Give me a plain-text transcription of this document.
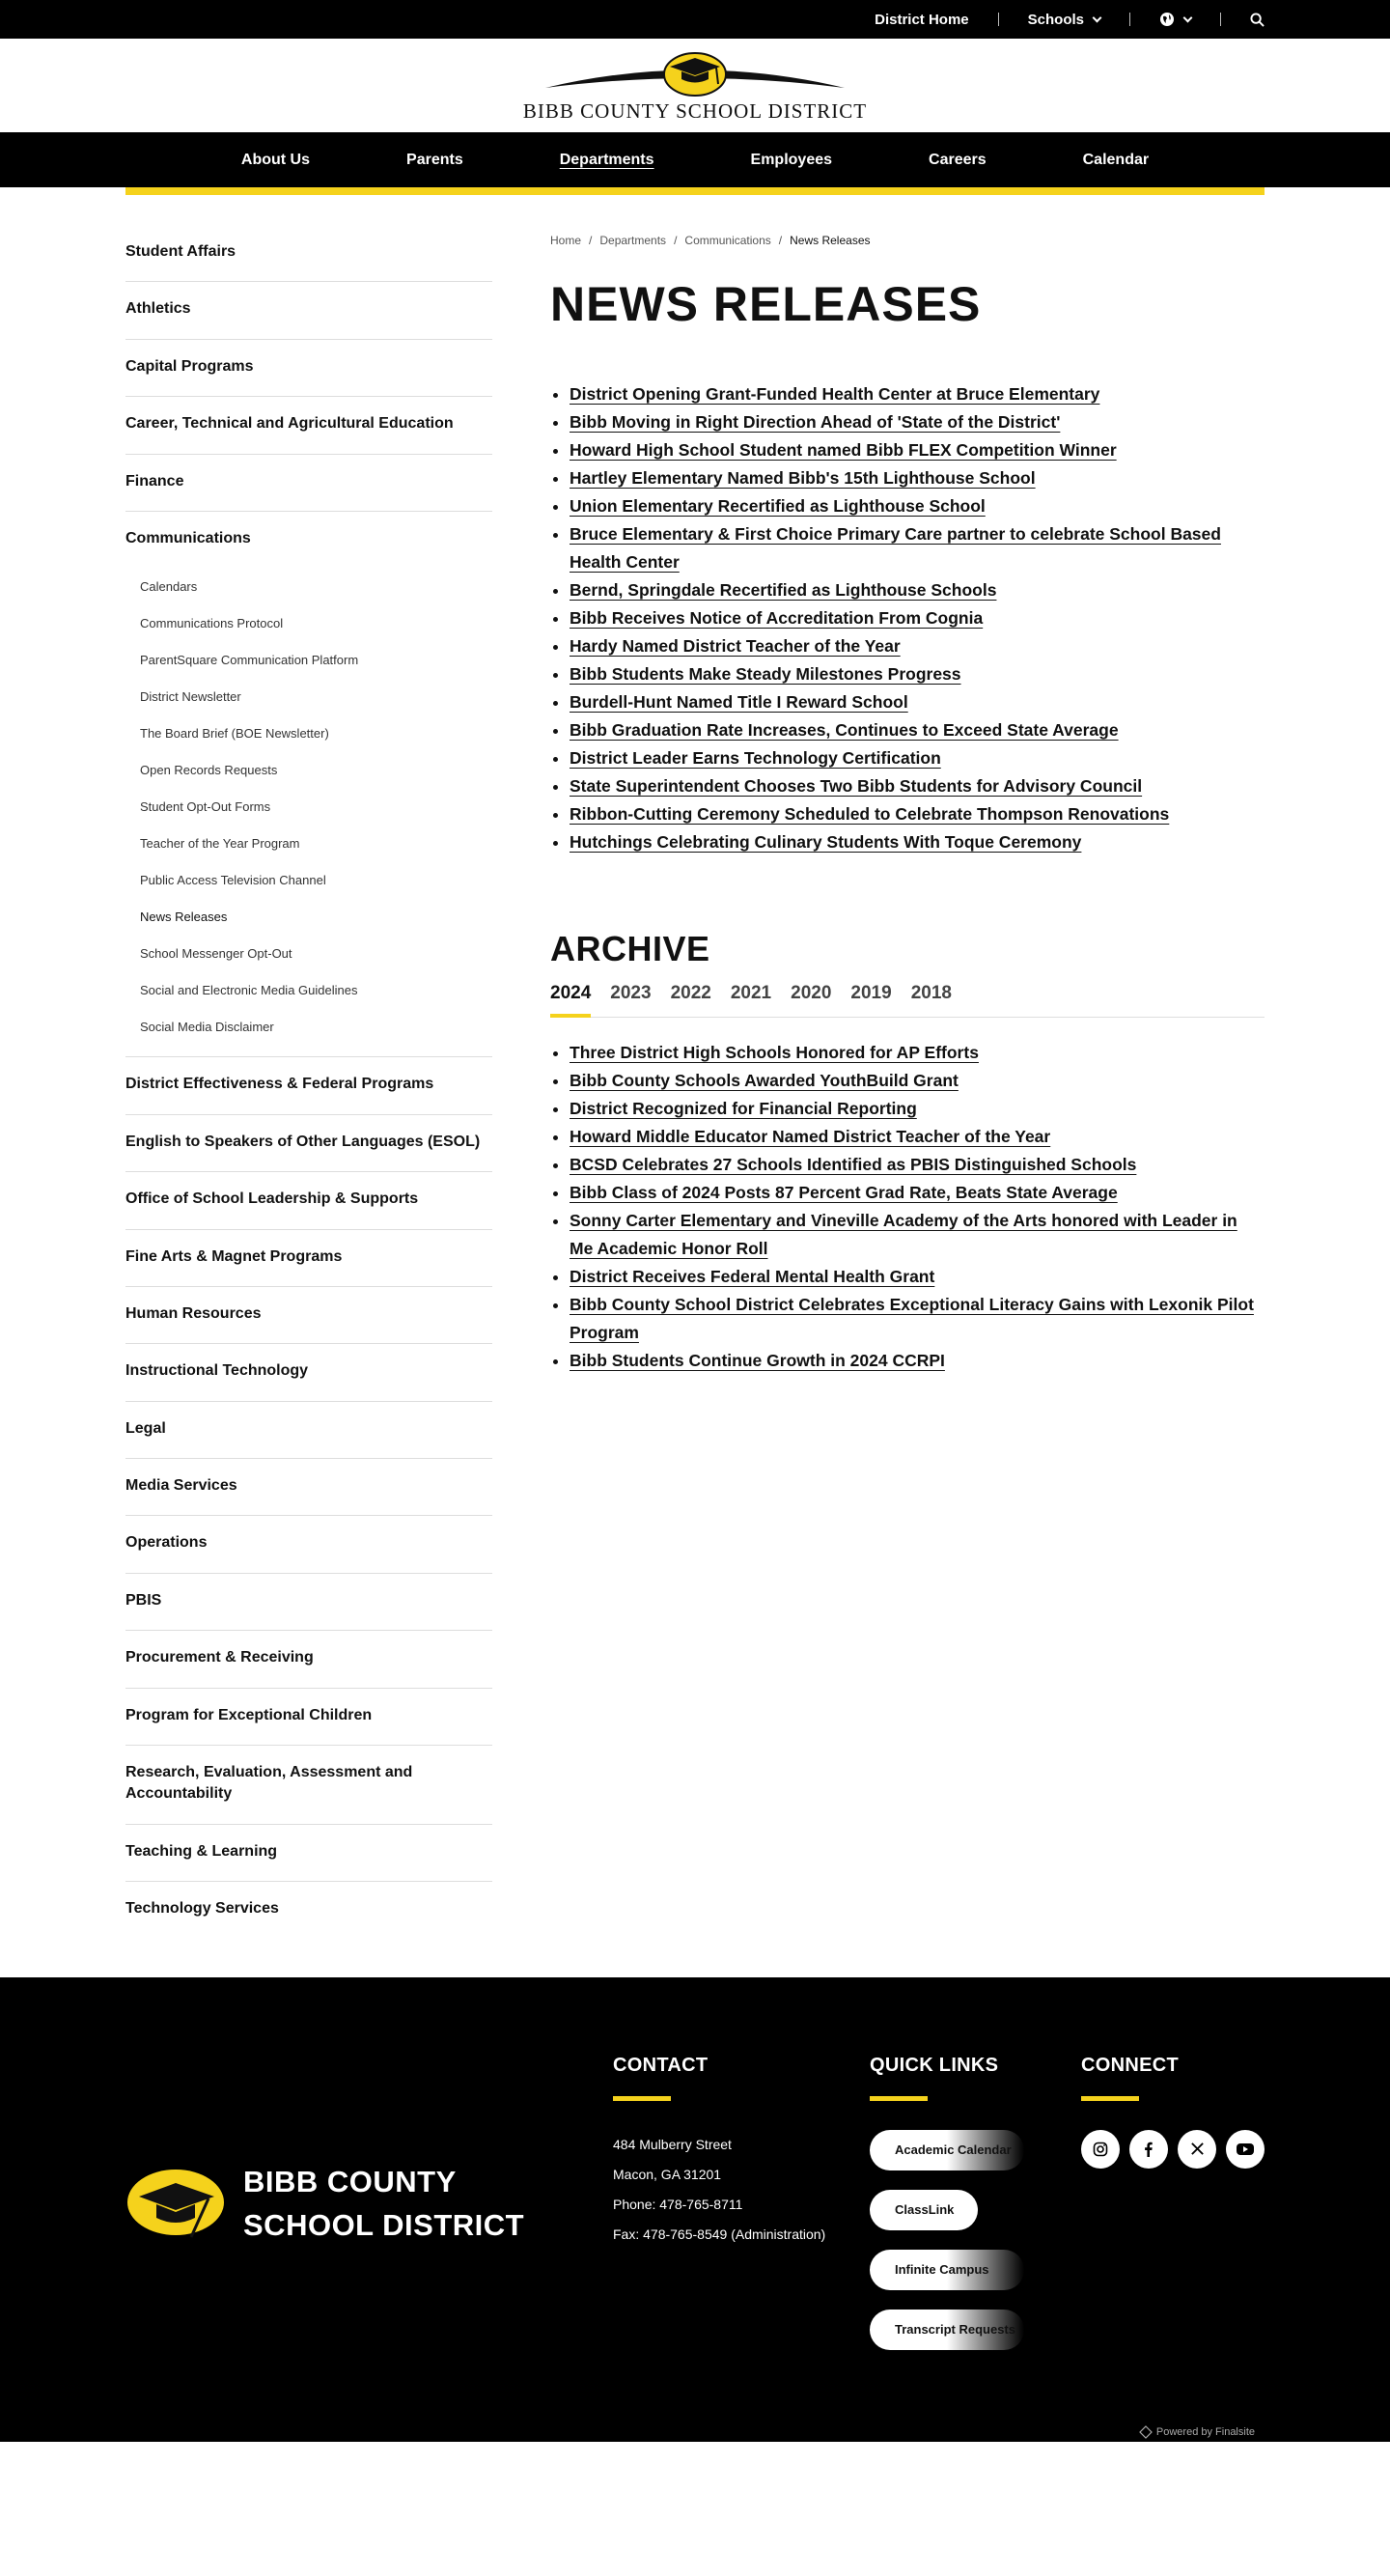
District Home	Schools
BIBB COUNTY SCHOOL DISTRICT
About Us	Parents	Departments	Employees	Careers	Calendar
Student Affairs
Athletics
Capital Programs
Career, Technical and Agricultural Education
Finance
Communications
Calendars
Communications Protocol
ParentSquare Communication Platform
District Newsletter
The Board Brief (BOE Newsletter)
Open Records Requests
Student Opt-Out Forms
Teacher of the Year Program
Public Access Television Channel
News Releases
School Messenger Opt-Out
Social and Electronic Media Guidelines
Social Media Disclaimer
District Effectiveness & Federal Programs
English to Speakers of Other Languages (ESOL)
Office of School Leadership & Supports
Fine Arts & Magnet Programs
Human Resources
Instructional Technology
Legal
Media Services
Operations
PBIS
Procurement & Receiving
Program for Exceptional Children
Research, Evaluation, Assessment and Accountability
Teaching & Learning
Technology Services
Home / Departments / Communications / News Releases
NEWS RELEASES
• District Opening Grant-Funded Health Center at Bruce Elementary
• Bibb Moving in Right Direction Ahead of 'State of the District'
• Howard High School Student named Bibb FLEX Competition Winner
• Hartley Elementary Named Bibb's 15th Lighthouse School
• Union Elementary Recertified as Lighthouse School
• Bruce Elementary & First Choice Primary Care partner to celebrate School Based Health Center
• Bernd, Springdale Recertified as Lighthouse Schools
• Bibb Receives Notice of Accreditation From Cognia
• Hardy Named District Teacher of the Year
• Bibb Students Make Steady Milestones Progress
• Burdell-Hunt Named Title I Reward School
• Bibb Graduation Rate Increases, Continues to Exceed State Average
• District Leader Earns Technology Certification
• State Superintendent Chooses Two Bibb Students for Advisory Council
• Ribbon-Cutting Ceremony Scheduled to Celebrate Thompson Renovations
• Hutchings Celebrating Culinary Students With Toque Ceremony
ARCHIVE
2024 2023 2022 2021 2020 2019 2018
• Three District High Schools Honored for AP Efforts
• Bibb County Schools Awarded YouthBuild Grant
• District Recognized for Financial Reporting
• Howard Middle Educator Named District Teacher of the Year
• BCSD Celebrates 27 Schools Identified as PBIS Distinguished Schools
• Bibb Class of 2024 Posts 87 Percent Grad Rate, Beats State Average
• Sonny Carter Elementary and Vineville Academy of the Arts honored with Leader in Me Academic Honor Roll
• District Receives Federal Mental Health Grant
• Bibb County School District Celebrates Exceptional Literacy Gains with Lexonik Pilot Program
• Bibb Students Continue Growth in 2024 CCRPI
BIBB COUNTY
SCHOOL DISTRICT
CONTACT
484 Mulberry Street
Macon, GA 31201
Phone: 478-765-8711
Fax: 478-765-8549 (Administration)
QUICK LINKS
Academic Calendar
ClassLink
Infinite Campus
Transcript Requests
CONNECT
Powered by Finalsite
